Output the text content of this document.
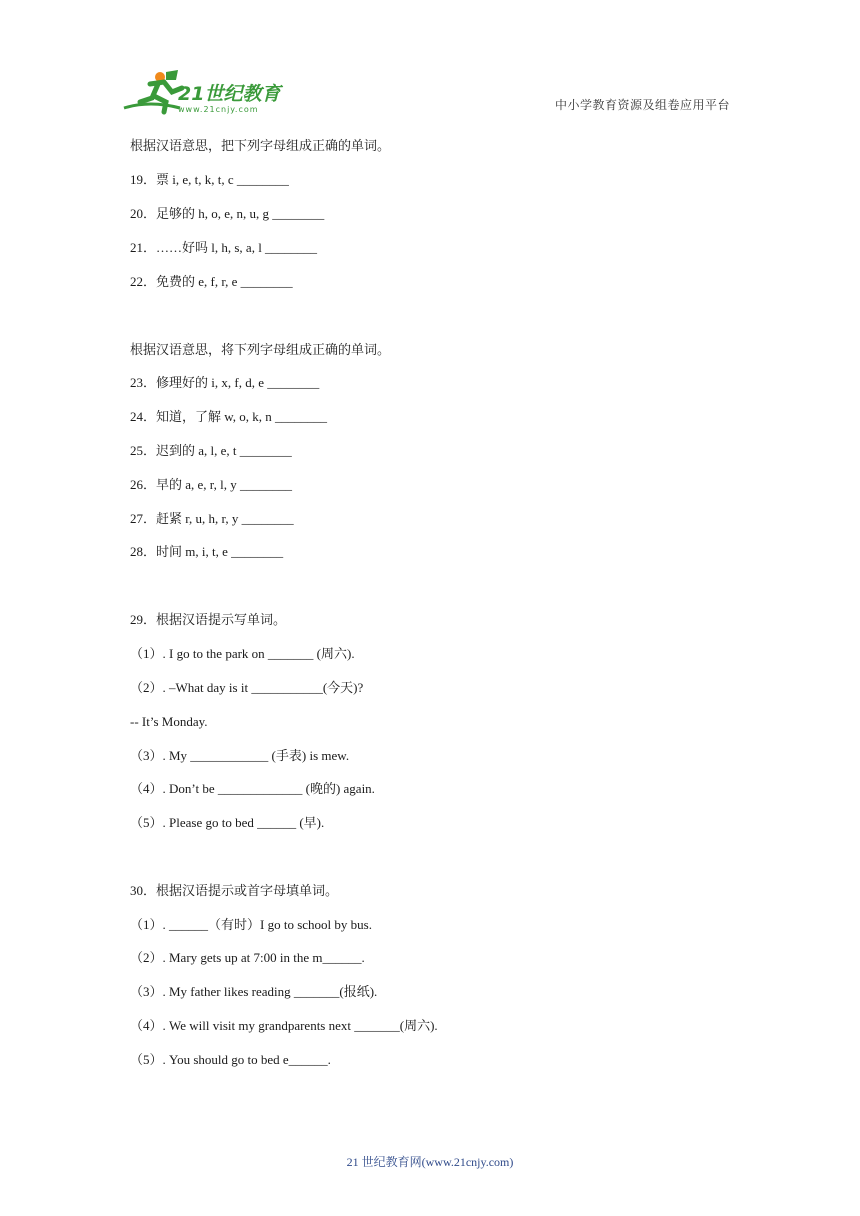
21世纪教育
www.21cnjy.com	中小学教育资源及组卷应用平台
根据汉语意思，把下列字母组成正确的单词。
19．票 i, e, t, k, t, c ________
20．足够的 h, o, e, n, u, g ________
21．……好吗 l, h, s, a, l ________
22．免费的 e, f, r, e ________
根据汉语意思，将下列字母组成正确的单词。
23．修理好的 i, x, f, d, e ________
24．知道，了解 w, o, k, n ________
25．迟到的 a, l, e, t ________
26．早的 a, e, r, l, y ________
27．赶紧 r, u, h, r, y ________
28．时间 m, i, t, e ________
29．根据汉语提示写单词。
（1）. I go to the park on _______ (周六).
（2）. –What day is it ___________(今天)?
-- It’s Monday.
（3）. My ____________ (手表) is mew.
（4）. Don’t be _____________ (晚的) again.
（5）. Please go to bed ______ (早).
30．根据汉语提示或首字母填单词。
（1）. ______（有时）I go to school by bus.
（2）. Mary gets up at 7:00 in the m______.
（3）. My father likes reading _______(报纸).
（4）. We will visit my grandparents next _______(周六).
（5）. You should go to bed e______.
21 世纪教育网(www.21cnjy.com)
